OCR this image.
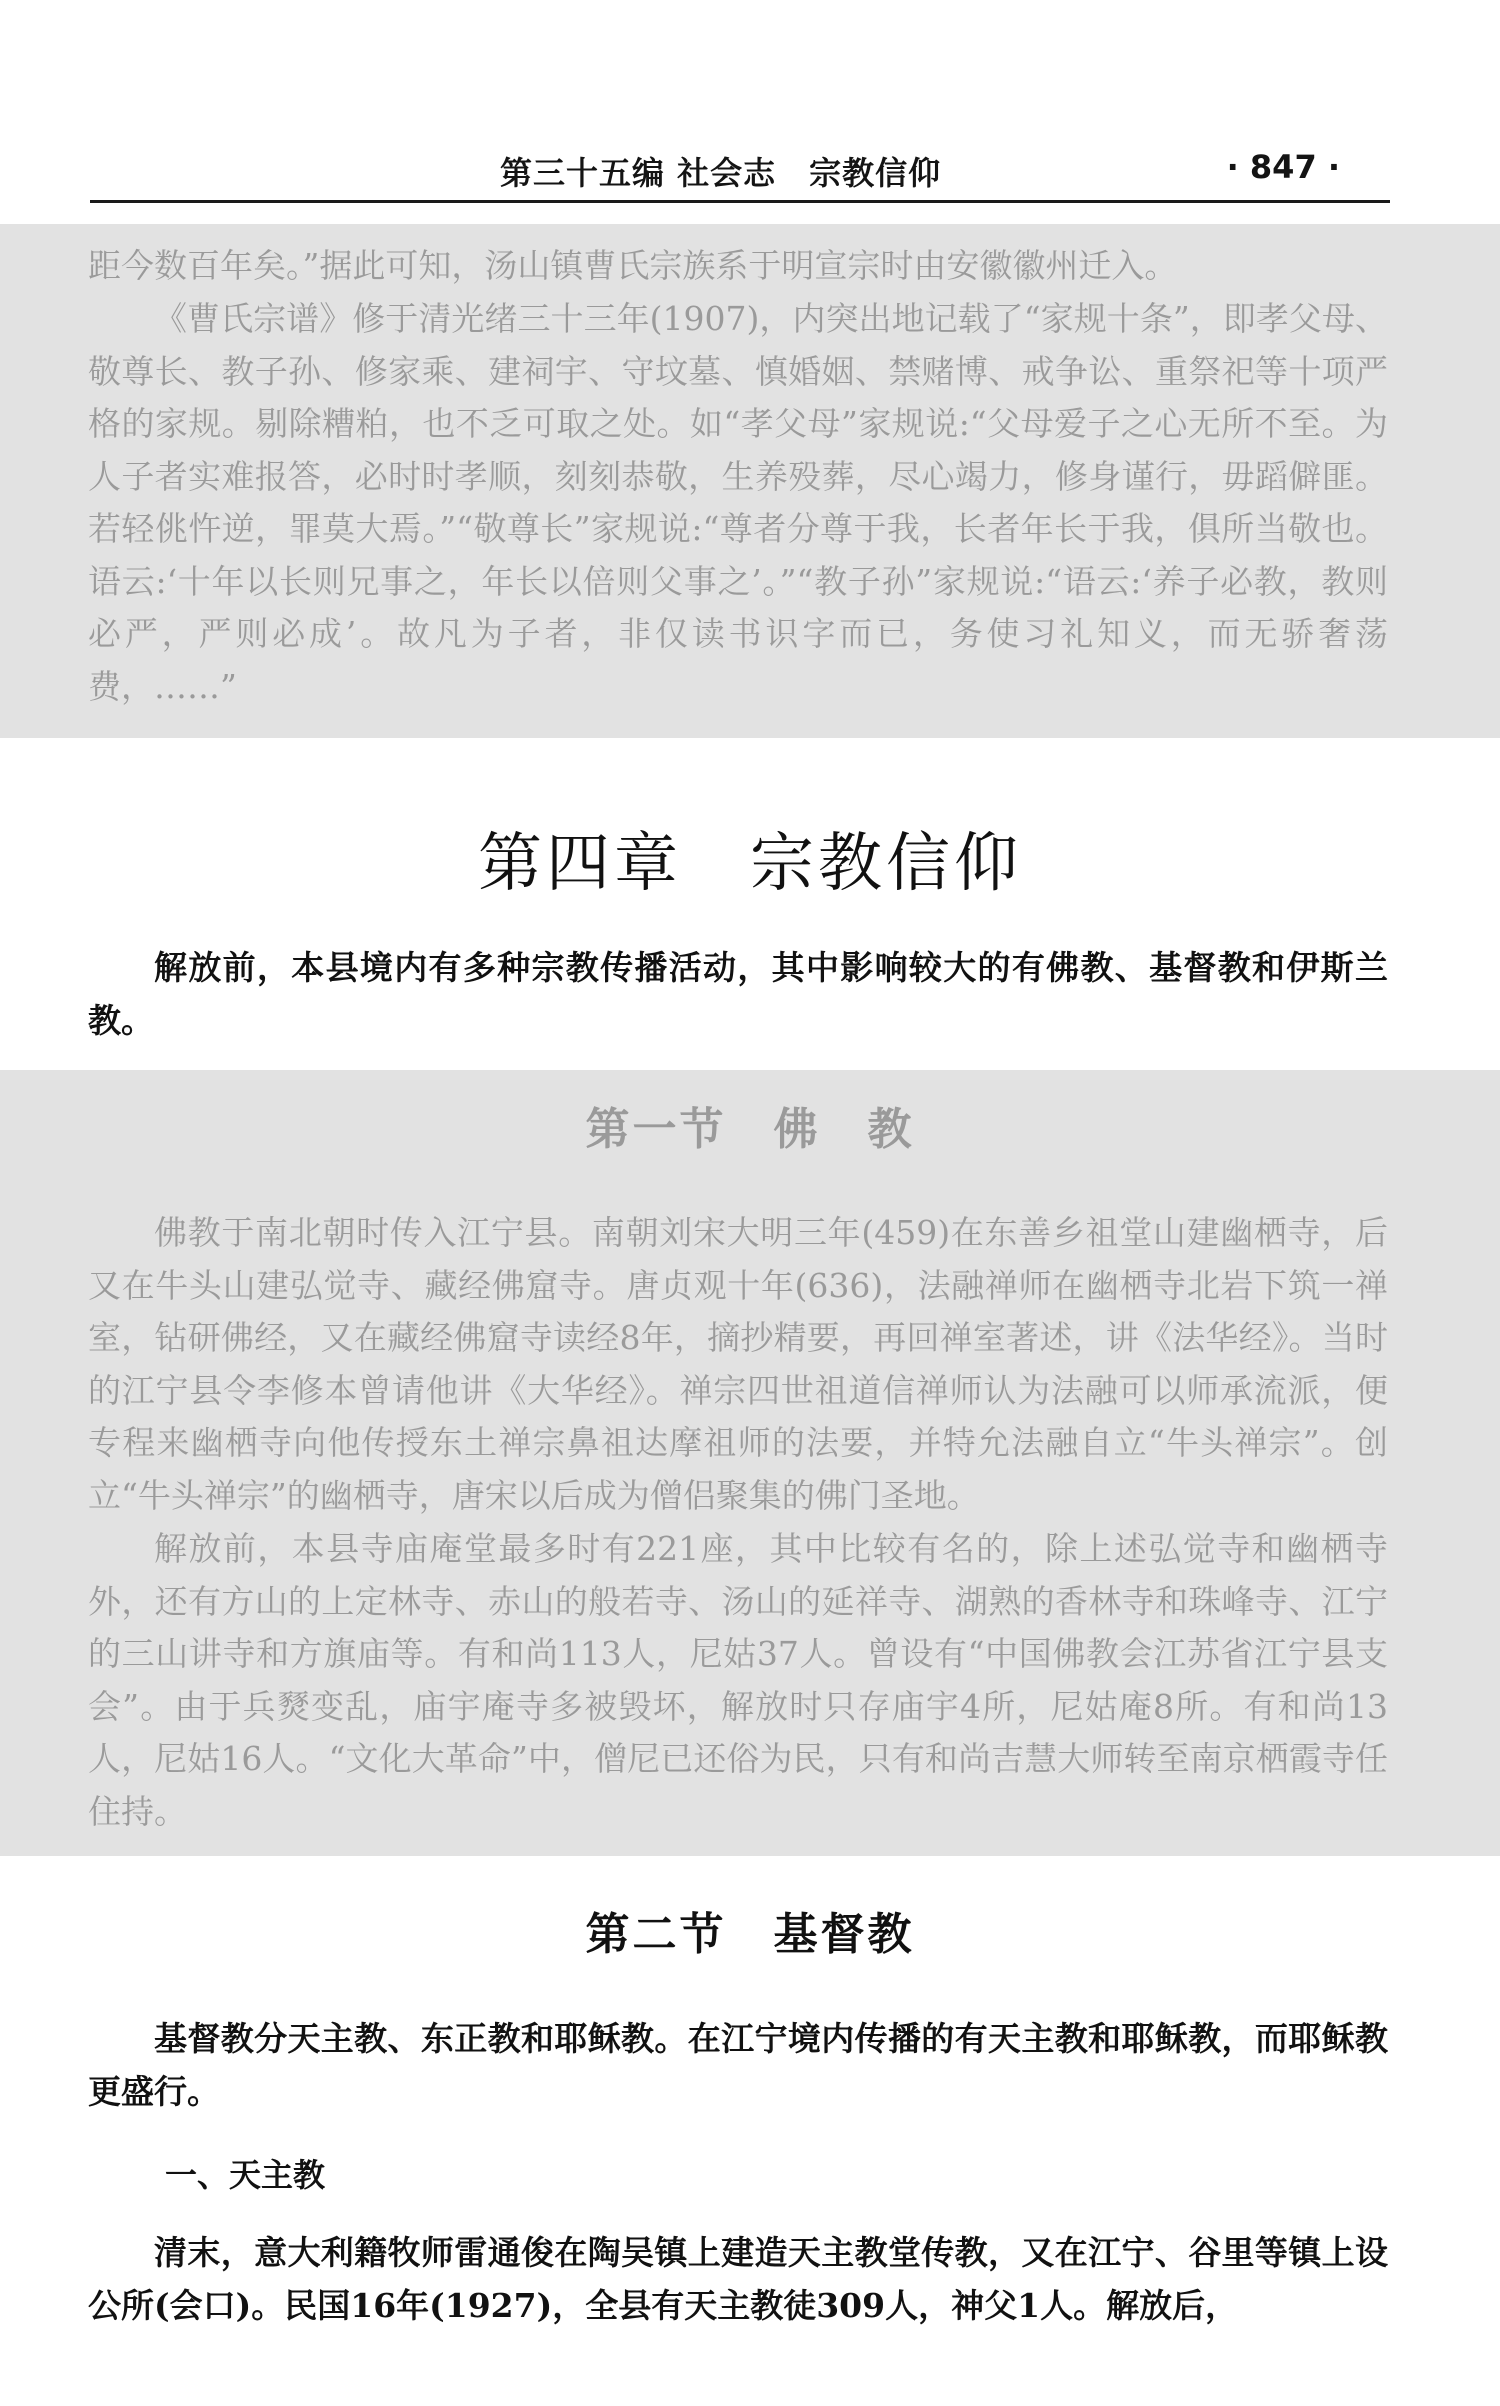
第三十五编 社会志　宗教信仰	· 847 ·

距今数百年矣。”据此可知，汤山镇曹氏宗族系于明宣宗时由安徽徽州迁入。

《曹氏宗谱》修于清光绪三十三年(1907)，内突出地记载了“家规十条”，即孝父母、敬尊长、教子孙、修家乘、建祠宇、守坟墓、慎婚姻、禁赌博、戒争讼、重祭祀等十项严格的家规。剔除糟粕，也不乏可取之处。如“孝父母”家规说:“父母爱子之心无所不至。为人子者实难报答，必时时孝顺，刻刻恭敬，生养殁葬，尽心竭力，修身谨行，毋蹈僻匪。若轻佻忤逆，罪莫大焉。”“敬尊长”家规说:“尊者分尊于我，长者年长于我，俱所当敬也。语云:‘十年以长则兄事之，年长以倍则父事之’。”“教子孙”家规说:“语云:‘养子必教，教则必严，严则必成’。故凡为子者，非仅读书识字而已，务使习礼知义，而无骄奢荡费，……”

第四章　宗教信仰

解放前，本县境内有多种宗教传播活动，其中影响较大的有佛教、基督教和伊斯兰教。

第一节　佛　教

佛教于南北朝时传入江宁县。南朝刘宋大明三年(459)在东善乡祖堂山建幽栖寺，后又在牛头山建弘觉寺、藏经佛窟寺。唐贞观十年(636)，法融禅师在幽栖寺北岩下筑一禅室，钻研佛经，又在藏经佛窟寺读经8年，摘抄精要，再回禅室著述，讲《法华经》。当时的江宁县令李修本曾请他讲《大华经》。禅宗四世祖道信禅师认为法融可以师承流派，便专程来幽栖寺向他传授东土禅宗鼻祖达摩祖师的法要，并特允法融自立“牛头禅宗”。创立“牛头禅宗”的幽栖寺，唐宋以后成为僧侣聚集的佛门圣地。

解放前，本县寺庙庵堂最多时有221座，其中比较有名的，除上述弘觉寺和幽栖寺外，还有方山的上定林寺、赤山的般若寺、汤山的延祥寺、湖熟的香林寺和珠峰寺、江宁的三山讲寺和方旗庙等。有和尚113人，尼姑37人。曾设有“中国佛教会江苏省江宁县支会”。由于兵燹变乱，庙宇庵寺多被毁坏，解放时只存庙宇4所，尼姑庵8所。有和尚13人，尼姑16人。“文化大革命”中，僧尼已还俗为民，只有和尚吉慧大师转至南京栖霞寺任住持。

第二节　基督教

基督教分天主教、东正教和耶稣教。在江宁境内传播的有天主教和耶稣教，而耶稣教更盛行。

一、天主教

清末，意大利籍牧师雷通俊在陶吴镇上建造天主教堂传教，又在江宁、谷里等镇上设公所(会口)。民国16年(1927)，全县有天主教徒309人，神父1人。解放后，
